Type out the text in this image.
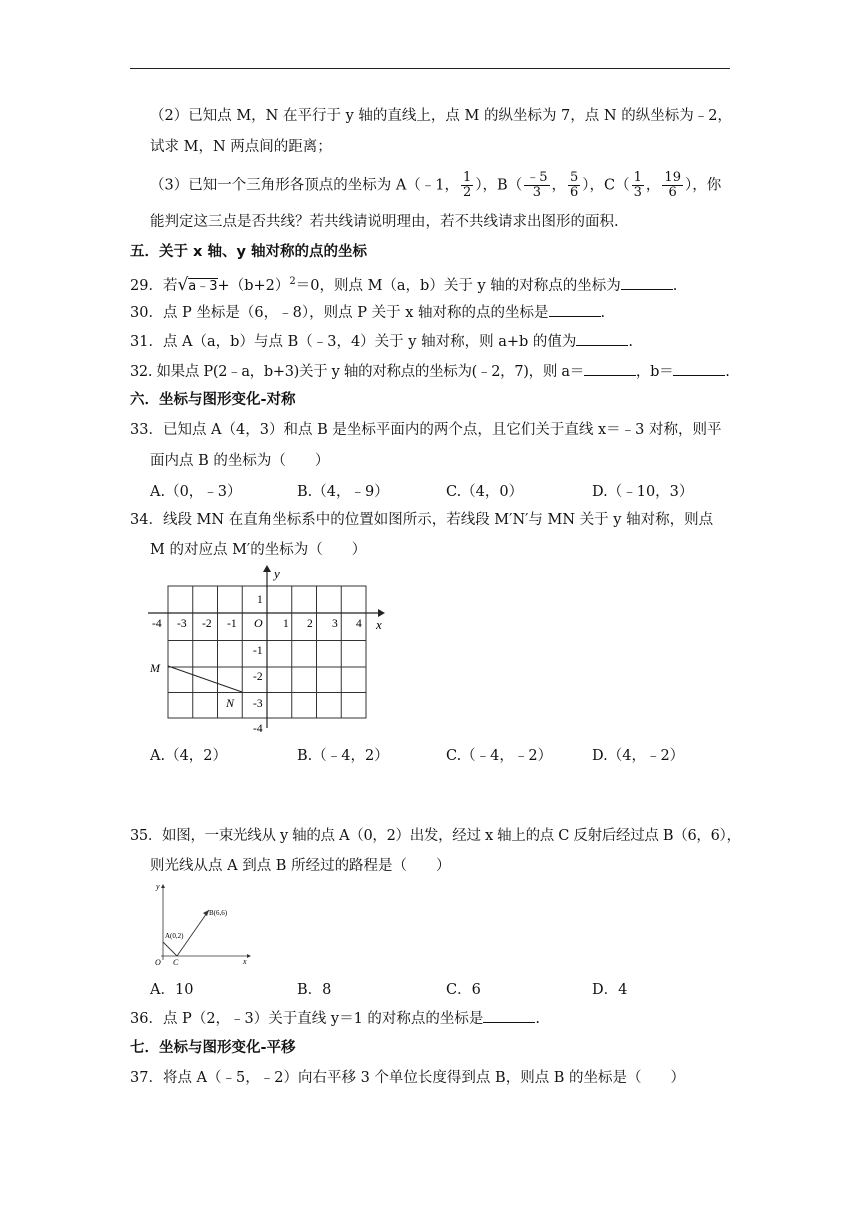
（2）已知点 M，N 在平行于 y 轴的直线上，点 M 的纵坐标为 7，点 N 的纵坐标为﹣2，
试求 M，N 两点间的距离；
（3）已知一个三角形各顶点的坐标为 A（﹣1， $\frac{1}{2}$ ），$B( \frac{﹣5}{3}$ ， $\frac{5}{6}$ ），$C( \frac{1}{3}$ ， $\frac{19}{6}$ ），你
能判定这三点是否共线？若共线请说明理由，若不共线请求出图形的面积.
五．关于 x 轴、y 轴对称的点的坐标
29．若$√a﹣3+(b+2)^2=0$，则点 M（a，b）关于 y 轴的对称点的坐标为	.
30．点 P 坐标是（6，﹣8），则点 P 关于 x 轴对称的点的坐标是	.
31．点 A（a，b）与点 B（﹣3，4）关于 y 轴对称，则 a+b 的值为	.
32. 如果点 P(2﹣a，b+3)关于 y 轴的对称点的坐标为(﹣2，7)，则 a＝	，b＝	.
六．坐标与图形变化-对称
33．已知点 A（4，3）和点 B 是坐标平面内的两个点，且它们关于直线 x＝﹣3 对称，则平
面内点 B 的坐标为（　　）
A.（0，﹣3）	B.（4，﹣9）	C.（4，0）	D.（﹣10，3）
34．线段 MN 在直角坐标系中的位置如图所示，若线段 M′N′与 MN 关于 y 轴对称，则点
M 的对应点 M′的坐标为（　　）
y
x
O
M
N
-4 -3 -2 -1	1 2 3 4
1
-1
-2
-3
-4
A.（4，2）	B.（﹣4，2）	C.（﹣4，﹣2）	D.（4，﹣2）
35．如图，一束光线从 y 轴的点 A（0，2）出发，经过 x 轴上的点 C 反射后经过点 B（6，6），
则光线从点 A 到点 B 所经过的路程是（　　）
y
x
O C
A(0,2)
B(6,6)
A．10	B．8	C．6	D．4
36．点 P（2，﹣3）关于直线 y＝1 的对称点的坐标是	.
七．坐标与图形变化-平移
37．将点 A（﹣5，﹣2）向右平移 3 个单位长度得到点 B，则点 B 的坐标是（　　）
